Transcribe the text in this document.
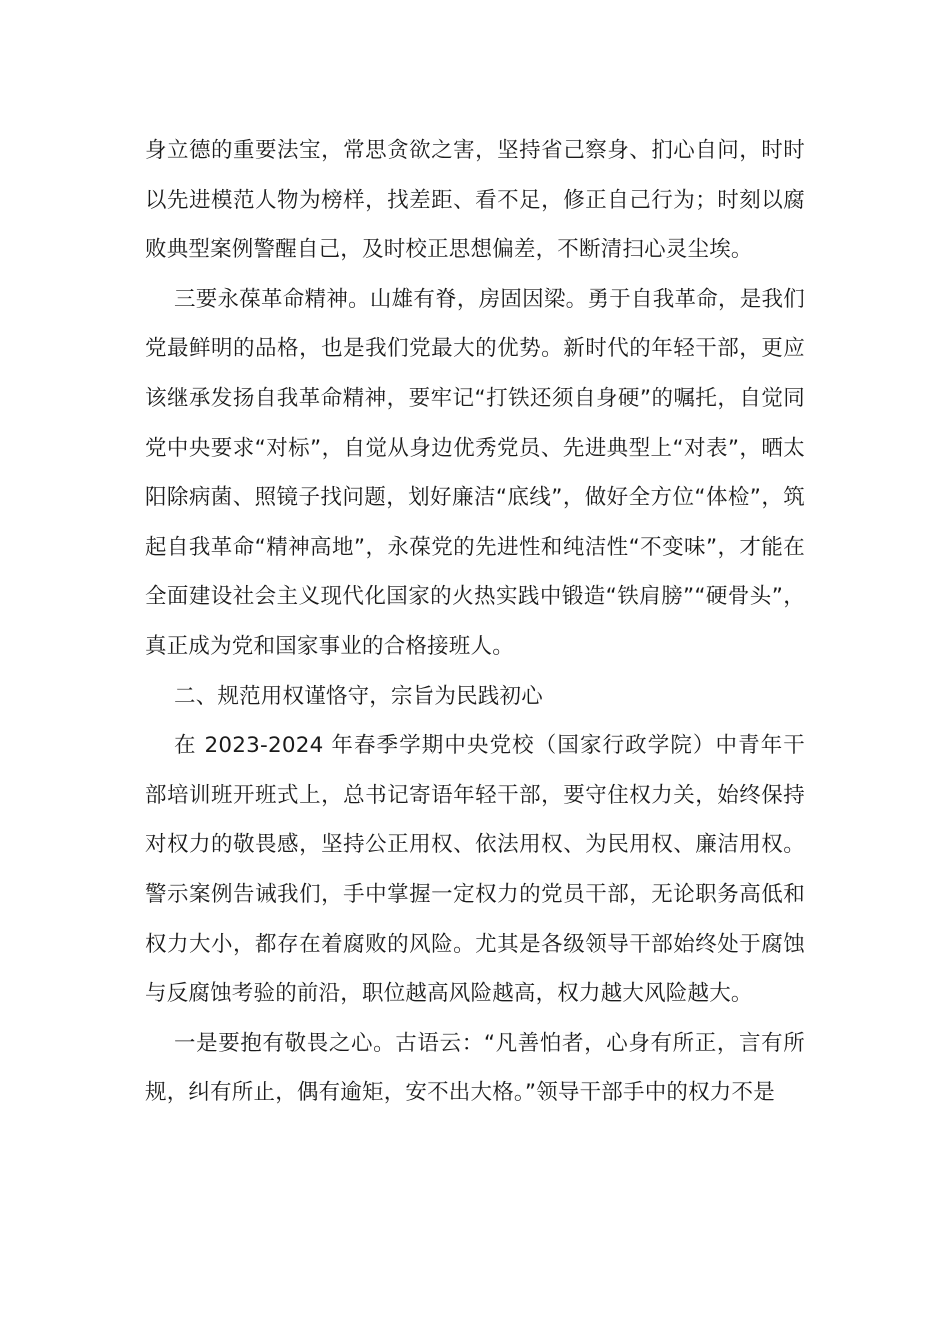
身立德的重要法宝，常思贪欲之害，坚持省己察身、扪心自问，时时以先进模范人物为榜样，找差距、看不足，修正自己行为；时刻以腐败典型案例警醒自己，及时校正思想偏差，不断清扫心灵尘埃。

三要永葆革命精神。山雄有脊，房固因梁。勇于自我革命，是我们党最鲜明的品格，也是我们党最大的优势。新时代的年轻干部，更应该继承发扬自我革命精神，要牢记“打铁还须自身硬”的嘱托，自觉同党中央要求“对标”，自觉从身边优秀党员、先进典型上“对表”，晒太阳除病菌、照镜子找问题，划好廉洁“底线”，做好全方位“体检”，筑起自我革命“精神高地”，永葆党的先进性和纯洁性“不变味”，才能在全面建设社会主义现代化国家的火热实践中锻造“铁肩膀”“硬骨头”，真正成为党和国家事业的合格接班人。

二、规范用权谨恪守，宗旨为民践初心

在 2023-2024 年春季学期中央党校（国家行政学院）中青年干部培训班开班式上，总书记寄语年轻干部，要守住权力关，始终保持对权力的敬畏感，坚持公正用权、依法用权、为民用权、廉洁用权。警示案例告诫我们，手中掌握一定权力的党员干部，无论职务高低和权力大小，都存在着腐败的风险。尤其是各级领导干部始终处于腐蚀与反腐蚀考验的前沿，职位越高风险越高，权力越大风险越大。

一是要抱有敬畏之心。古语云：“凡善怕者，心身有所正，言有所规，纠有所止，偶有逾矩，安不出大格。”领导干部手中的权力不是
